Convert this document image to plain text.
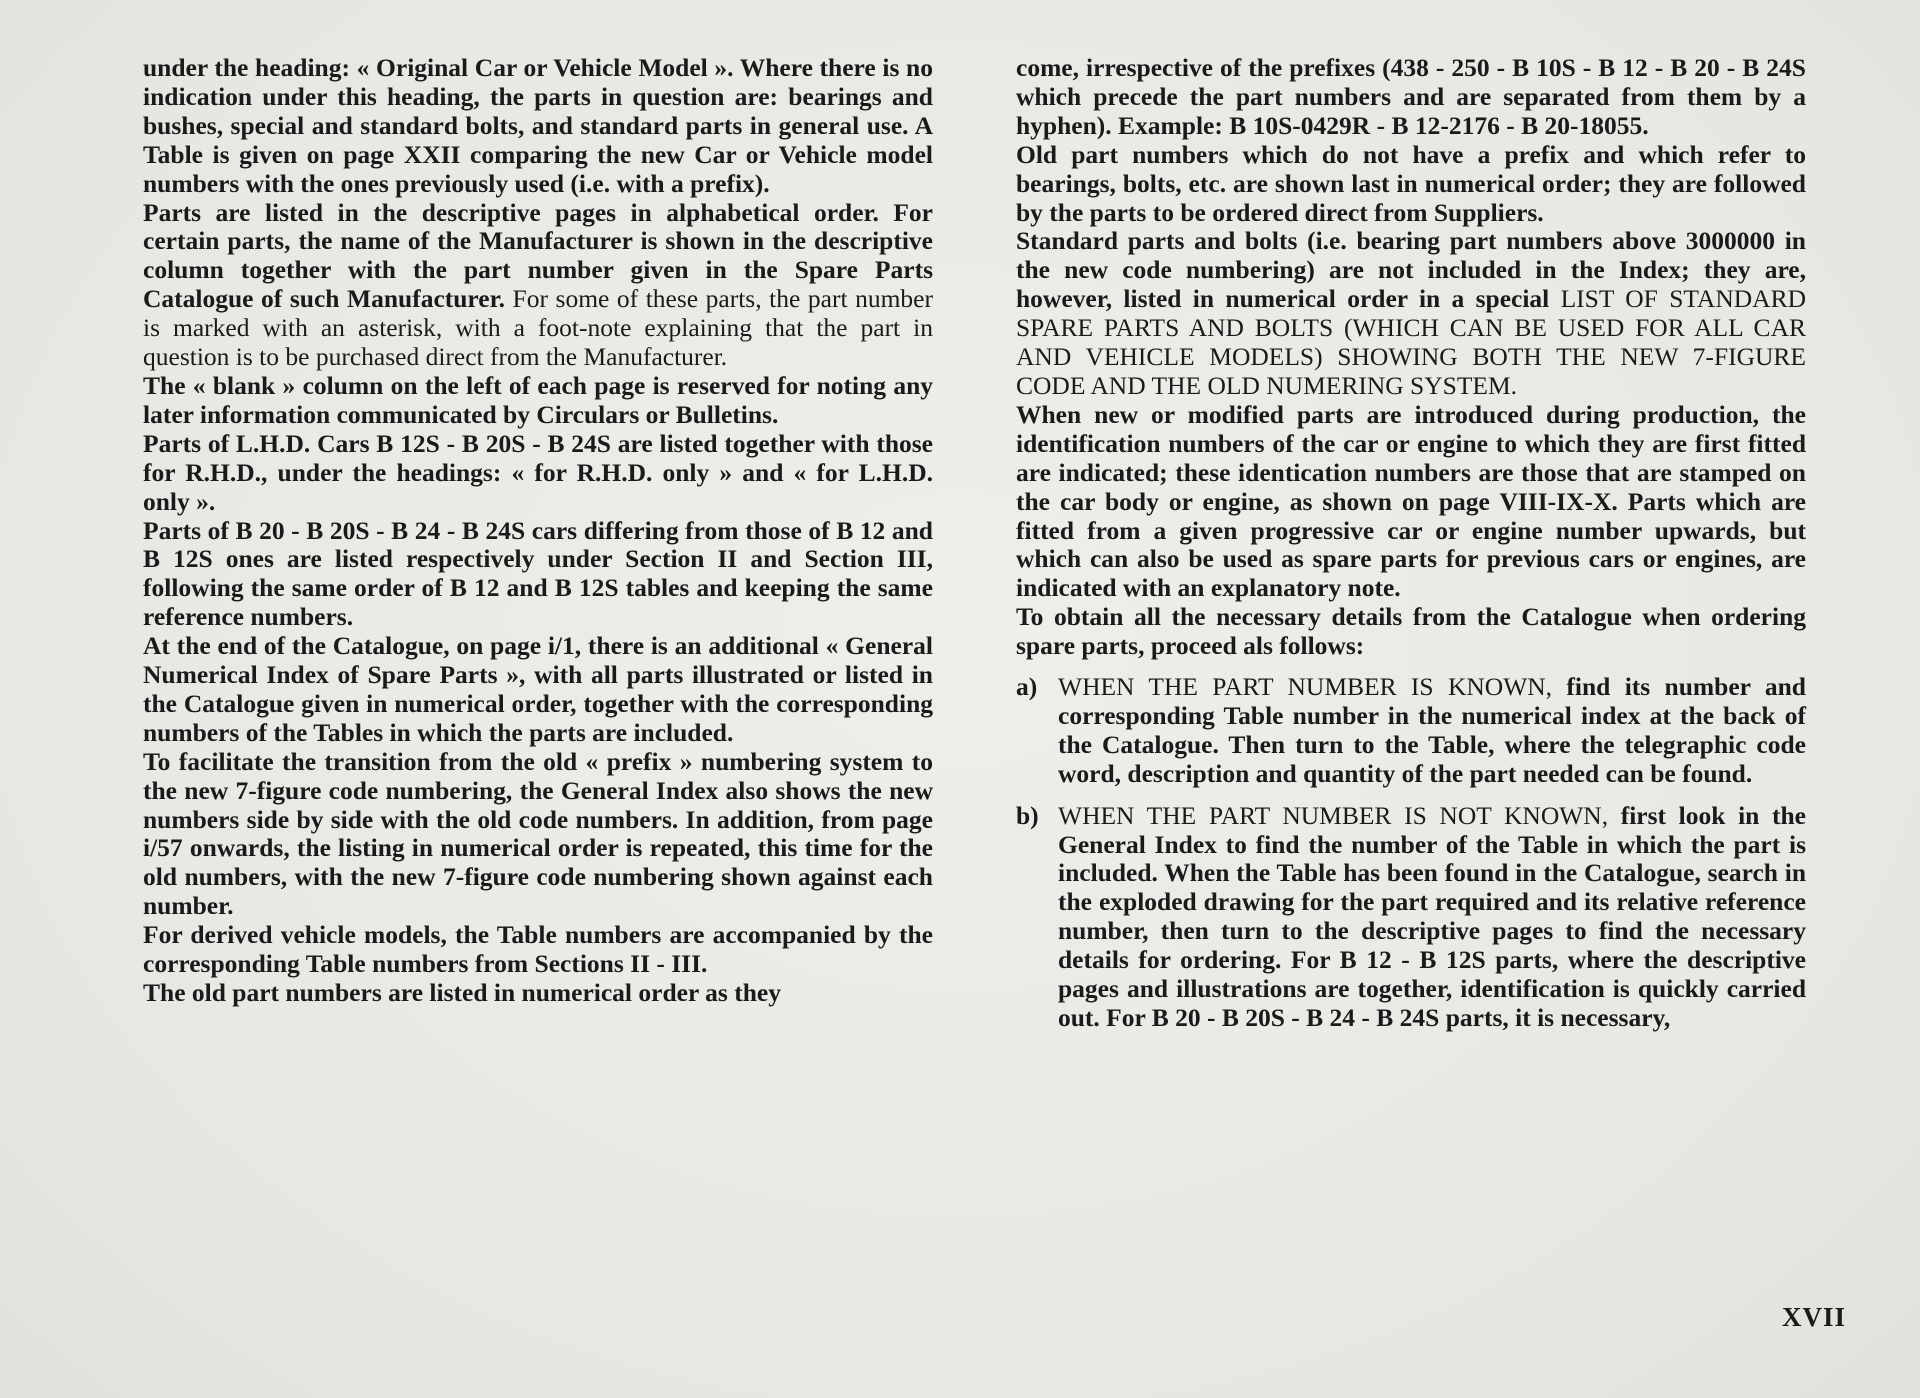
under the heading: « Original Car or Vehicle Model ». Where there is no indication under this heading, the parts in question are: bearings and bushes, special and standard bolts, and standard parts in general use. A Table is given on page XXII comparing the new Car or Vehicle model numbers with the ones previously used (i.e. with a prefix).

Parts are listed in the descriptive pages in alphabetical order. For certain parts, the name of the Manufacturer is shown in the descriptive column together with the part number given in the Spare Parts Catalogue of such Manufacturer. For some of these parts, the part number is marked with an asterisk, with a foot-note explaining that the part in question is to be purchased direct from the Manufacturer.

The « blank » column on the left of each page is reserved for noting any later information communicated by Circulars or Bulletins.

Parts of L.H.D. Cars B 12S - B 20S - B 24S are listed together with those for R.H.D., under the headings: « for R.H.D. only » and « for L.H.D. only ».

Parts of B 20 - B 20S - B 24 - B 24S cars differing from those of B 12 and B 12S ones are listed respectively under Section II and Section III, following the same order of B 12 and B 12S tables and keeping the same reference numbers.

At the end of the Catalogue, on page i/1, there is an additional « General Numerical Index of Spare Parts », with all parts illustrated or listed in the Catalogue given in numerical order, together with the corresponding numbers of the Tables in which the parts are included.

To facilitate the transition from the old « prefix » numbering system to the new 7-figure code numbering, the General Index also shows the new numbers side by side with the old code numbers. In addition, from page i/57 onwards, the listing in numerical order is repeated, this time for the old numbers, with the new 7-figure code numbering shown against each number.

For derived vehicle models, the Table numbers are accompanied by the corresponding Table numbers from Sections II - III.

The old part numbers are listed in numerical order as they

come, irrespective of the prefixes (438 - 250 - B 10S - B 12 - B 20 - B 24S which precede the part numbers and are separated from them by a hyphen). Example: B 10S-0429R - B 12-2176 - B 20-18055.

Old part numbers which do not have a prefix and which refer to bearings, bolts, etc. are shown last in numerical order; they are followed by the parts to be ordered direct from Suppliers.

Standard parts and bolts (i.e. bearing part numbers above 3000000 in the new code numbering) are not included in the Index; they are, however, listed in numerical order in a special LIST OF STANDARD SPARE PARTS AND BOLTS (WHICH CAN BE USED FOR ALL CAR AND VEHICLE MODELS) SHOWING BOTH THE NEW 7-FIGURE CODE AND THE OLD NUMERING SYSTEM.

When new or modified parts are introduced during production, the identification numbers of the car or engine to which they are first fitted are indicated; these identication numbers are those that are stamped on the car body or engine, as shown on page VIII-IX-X. Parts which are fitted from a given progressive car or engine number upwards, but which can also be used as spare parts for previous cars or engines, are indicated with an explanatory note.

To obtain all the necessary details from the Catalogue when ordering spare parts, proceed als follows:

a) WHEN THE PART NUMBER IS KNOWN, find its number and corresponding Table number in the numerical index at the back of the Catalogue. Then turn to the Table, where the telegraphic code word, description and quantity of the part needed can be found.
b) WHEN THE PART NUMBER IS NOT KNOWN, first look in the General Index to find the number of the Table in which the part is included. When the Table has been found in the Catalogue, search in the exploded drawing for the part required and its relative reference number, then turn to the descriptive pages to find the necessary details for ordering. For B 12 - B 12S parts, where the descriptive pages and illustrations are together, identification is quickly carried out. For B 20 - B 20S - B 24 - B 24S parts, it is necessary,
XVII
